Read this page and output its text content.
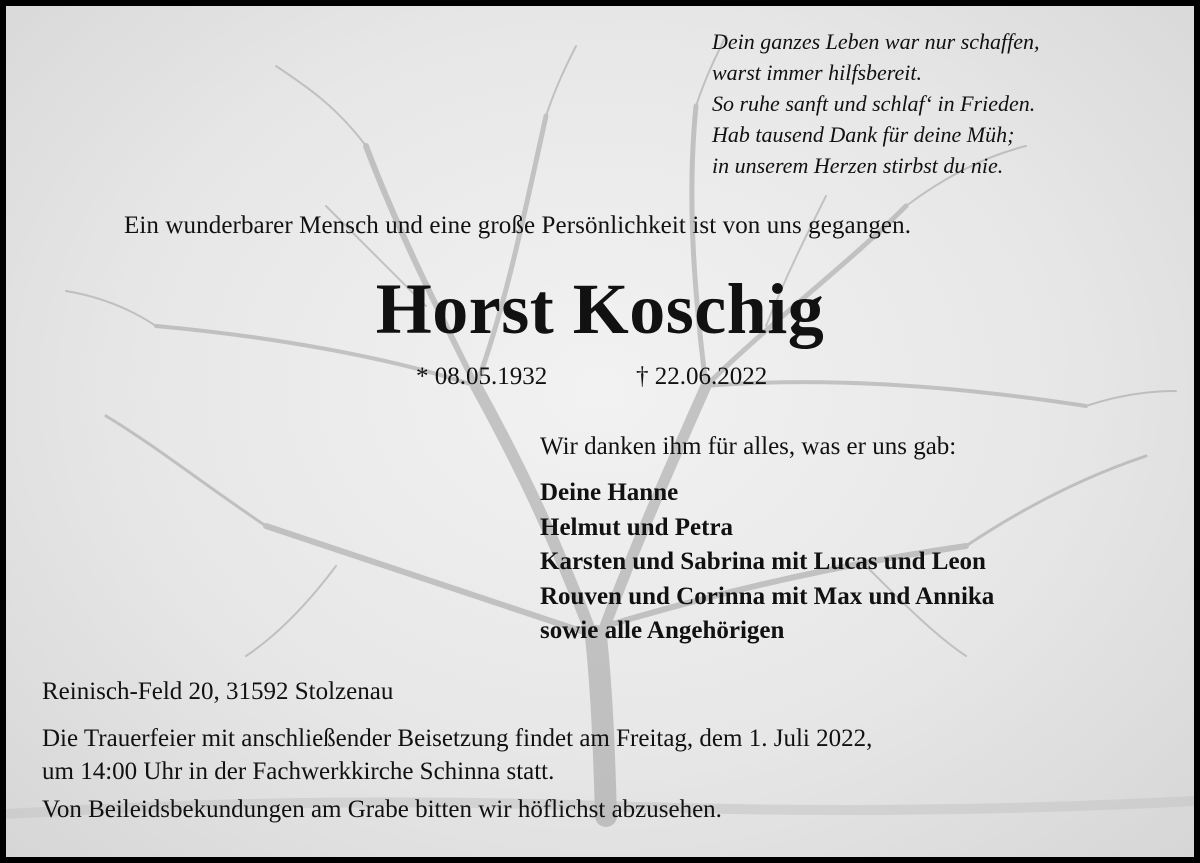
Dein ganzes Leben war nur schaffen,
warst immer hilfsbereit.
So ruhe sanft und schlaf‘ in Frieden.
Hab tausend Dank für deine Müh;
in unserem Herzen stirbst du nie.
Ein wunderbarer Mensch und eine große Persönlichkeit ist von uns gegangen.
Horst Koschig
* 08.05.1932	† 22.06.2022
Wir danken ihm für alles, was er uns gab:
Deine Hanne
Helmut und Petra
Karsten und Sabrina mit Lucas und Leon
Rouven und Corinna mit Max und Annika
sowie alle Angehörigen
Reinisch-Feld 20, 31592 Stolzenau
Die Trauerfeier mit anschließender Beisetzung findet am Freitag, dem 1. Juli 2022,
um 14:00 Uhr in der Fachwerkkirche Schinna statt.
Von Beileidsbekundungen am Grabe bitten wir höflichst abzusehen.
